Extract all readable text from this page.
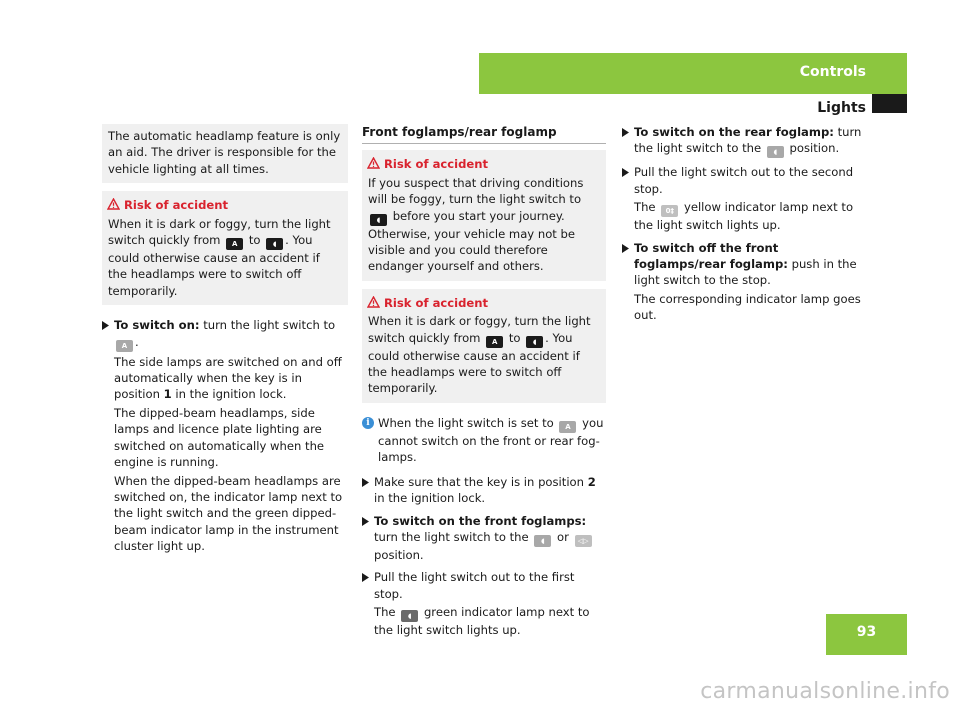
Controls
Lights
The automatic headlamp feature is only an aid. The driver is responsible for the vehicle lighting at all times.
Risk of accident
When it is dark or foggy, turn the light switch quickly from A to ◖ . You could otherwise cause an accident if the headlamps were to switch off temporarily.
To switch on: turn the light switch to A .
The side lamps are switched on and off automatically when the key is in position 1 in the ignition lock.
The dipped-beam headlamps, side lamps and licence plate lighting are switched on automatically when the engine is running.
When the dipped-beam headlamps are switched on, the indicator lamp next to the light switch and the green dipped-beam indicator lamp in the instrument cluster light up.
Front foglamps/rear foglamp
Risk of accident
If you suspect that driving conditions will be foggy, turn the light switch to ◖ before you start your journey. Otherwise, your vehicle may not be visible and you could therefore endanger yourself and others.
Risk of accident
When it is dark or foggy, turn the light switch quickly from A to ◖ . You could otherwise cause an accident if the headlamps were to switch off temporarily.
i When the light switch is set to A you cannot switch on the front or rear fog-lamps.
Make sure that the key is in position 2 in the ignition lock.
To switch on the front foglamps: turn the light switch to the ◖ or ◁▷ position.
Pull the light switch out to the first stop.
The ◖ green indicator lamp next to the light switch lights up.
To switch on the rear foglamp: turn the light switch to the ◖ position.
Pull the light switch out to the second stop.
The 0‡ yellow indicator lamp next to the light switch lights up.
To switch off the front foglamps/rear foglamp: push in the light switch to the stop.
The corresponding indicator lamp goes out.
93
carmanualsonline.info
